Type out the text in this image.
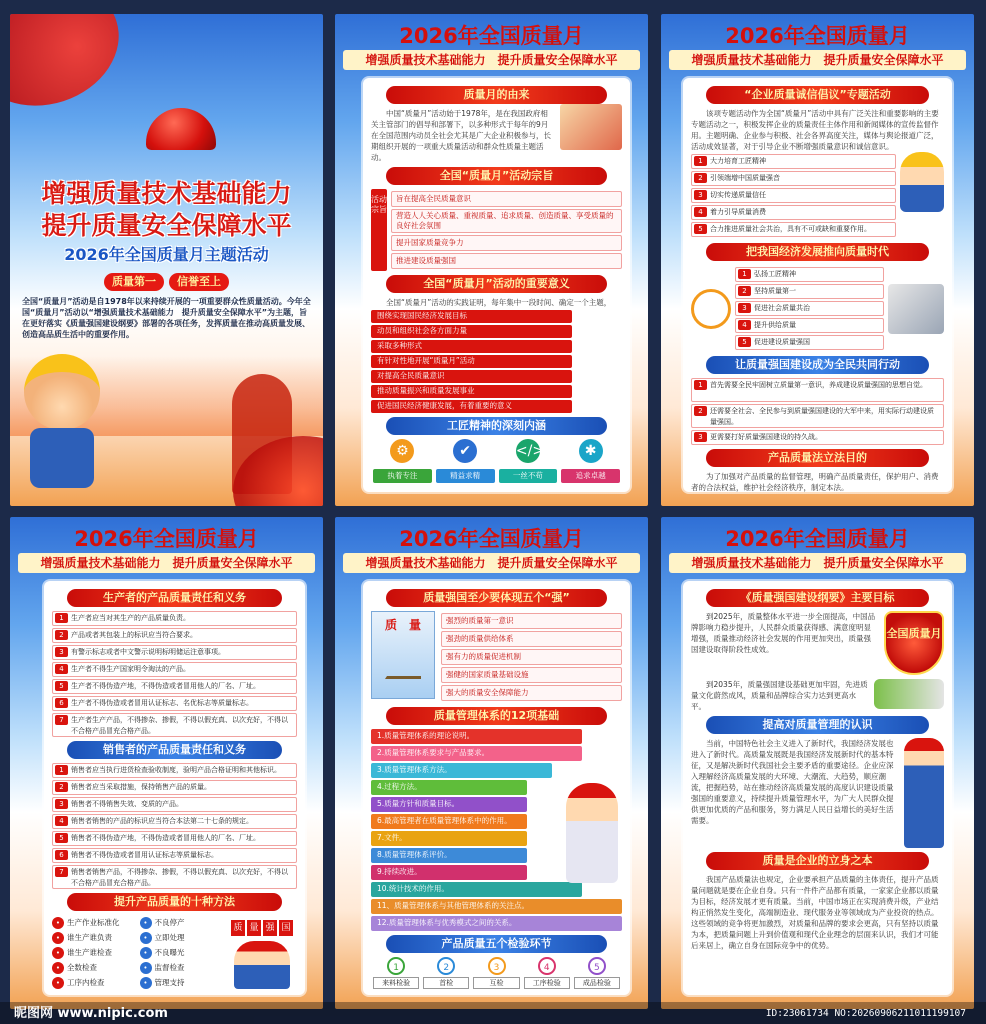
增强质量技术基础能力
提升质量安全保障水平
2026年全国质量月主题活动
质量第一 信誉至上
全国“质量月”活动是自1978年以来持续开展的一项重要群众性质量活动。今年全国“质量月”活动以“增强质量技术基础能力　提升质量安全保障水平”为主题，旨在更好落实《质量强国建设纲要》部署的各项任务，发挥质量在推动高质量发展、创造高品质生活中的重要作用。
2026年全国质量月
增强质量技术基础能力　提升质量安全保障水平
质量月的由来
中国“质量月”活动始于1978年，是在我国政府相关主管部门的倡导和部署下，以多种形式于每年的9月在全国范围内动员全社会尤其是广大企业积极参与，长期组织开展的一项重大质量活动和群众性质量主题活动。
全国“质量月”活动宗旨
活动宗旨
旨在提高全民质量意识
营造人人关心质量、重视质量、追求质量、创造质量、享受质量的良好社会氛围
提升国家质量竞争力
推进建设质量强国
全国“质量月”活动的重要意义
全国“质量月”活动的实践证明，每年集中一段时间、确定一个主题，
围绕实现国民经济发展目标
动员和组织社会各方面力量
采取多种形式
有针对性地开展“质量月”活动
对提高全民质量意识
推动质量振兴和质量发展事业
促进国民经济健康发展，有着重要的意义
工匠精神的深刻内涵
⚙	✔	</>	✱
执着专注	精益求精	一丝不苟	追求卓越
2026年全国质量月
增强质量技术基础能力　提升质量安全保障水平
“企业质量诚信倡议”专题活动
该项专题活动作为全国“质量月”活动中具有广泛关注和重要影响的主要专题活动之一，积极发挥企业的质量责任主体作用和新闻媒体的宣传监督作用。主题明确、企业参与积极、社会各界高度关注，媒体与舆论报道广泛，活动成效显著，对于引导企业不断增强质量意识和诚信意识。
1	大力培育工匠精神
2	引领端增中国质量强音
3	切实传递质量信任
4	着力引导质量消费
5	合力推进质量社会共治，具有不可或缺和重要作用。
把我国经济发展推向质量时代
1	弘扬工匠精神
2	坚持质量第一
3	促进社会质量共治
4	提升供给质量
5	促进建设质量强国
让质量强国建设成为全民共同行动
1	首先需要全民牢固树立质量第一意识，养成建设质量强国的思想自觉。
2	还需要全社会、全民参与到质量强国建设的大军中来，用实际行动建设质量强国。
3	更需要打好质量强国建设的持久战。
产品质量法立法目的
为了加强对产品质量的监督管理，明确产品质量责任，保护用户、消费者的合法权益，维护社会经济秩序，制定本法。
2026年全国质量月
增强质量技术基础能力　提升质量安全保障水平
生产者的产品质量责任和义务
1	生产者应当对其生产的产品质量负责。
2	产品或者其包装上的标识应当符合要求。
3	有警示标志或者中文警示说明标明储运注意事项。
4	生产者不得生产国家明令淘汰的产品。
5	生产者不得伪造产地，不得伪造或者冒用他人的厂名、厂址。
6	生产者不得伪造或者冒用认证标志、名优标志等质量标志。
7	生产者生产产品，不得掺杂、掺假，不得以假充真、以次充好，不得以不合格产品冒充合格产品。
销售者的产品质量责任和义务
1	销售者应当执行进货检查验收制度，验明产品合格证明和其他标识。
2	销售者应当采取措施，保持销售产品的质量。
3	销售者不得销售失效、变质的产品。
4	销售者销售的产品的标识应当符合本法第二十七条的规定。
5	销售者不得伪造产地，不得伪造或者冒用他人的厂名、厂址。
6	销售者不得伪造或者冒用认证标志等质量标志。
7	销售者销售产品，不得掺杂、掺假，不得以假充真、以次充好，不得以不合格产品冒充合格产品。
提升产品质量的十种方法
• 生产作业标准化
• 谁生产谁负责
• 谁生产谁检查
• 全数检查
• 工序内检查
• 不良停产
• 立即处理
• 不良曝光
• 监督检查
• 管理支持
质 量 强 国
2026年全国质量月
增强质量技术基础能力　提升质量安全保障水平
质量强国至少要体现五个“强”
质　量	强烈的质量第一意识
强劲的质量供给体系
强有力的质量促进机制
强健的国家质量基础设施
强大的质量安全保障能力
质量管理体系的12项基础
1.质量管理体系的理论说明。
2.质量管理体系要求与产品要求。
3.质量管理体系方法。
4.过程方法。
5.质量方针和质量目标。
6.最高管理者在质量管理体系中的作用。
7.文件。
8.质量管理体系评价。
9.持续改进。
10.统计技术的作用。
11、质量管理体系与其他管理体系的关注点。
12.质量管理体系与优秀模式之间的关系。
产品质量五个检验环节
1
来料检验
2
首检
3
互检
4
工序检验
5
成品检验
2026年全国质量月
增强质量技术基础能力　提升质量安全保障水平
《质量强国建设纲要》主要目标
到2025年，质量整体水平进一步全面提高，中国品牌影响力稳步提升，人民群众质量获得感、满意度明显增强，质量推动经济社会发展的作用更加突出，质量强国建设取得阶段性成效。
全国质量月
到2035年，质量强国建设基础更加牢固，先进质量文化蔚然成风，质量和品牌综合实力达到更高水平。
提高对质量管理的认识
当前，中国特色社会主义进入了新时代，我国经济发展也进入了新时代。高质量发展既是我国经济发展新时代的基本特征，又是解决新时代我国社会主要矛盾的重要途径。企业应深入理解经济高质量发展的大环境、大潮流、大趋势，顺应潮流，把握趋势，站在推动经济高质量发展的高度认识建设质量强国的重要意义，持续提升质量管理水平，为广大人民群众提供更加优质的产品和服务，努力满足人民日益增长的美好生活需要。
质量是企业的立身之本
我国产品质量法也规定，企业要承担产品质量的主体责任，提升产品质量问题就是要在企业自身。只有一件件产品都有质量，一家家企业都以质量为目标，经济发展才更有质量。当前，中国市场正在实现消费升级，产业结构正悄然发生变化，高端制造业、现代服务业等领域成为产业投资的热点。这些领域的竞争将更加激烈，对质量和品牌的要求会更高，只有坚持以质量为本，把质量问题上升到价值观和现代企业理念的层面来认识，我们才可能后来居上，确立自身在国际竞争中的优势。
昵图网 www.nipic.com	ID:23061734 NO:20260906211011199107
